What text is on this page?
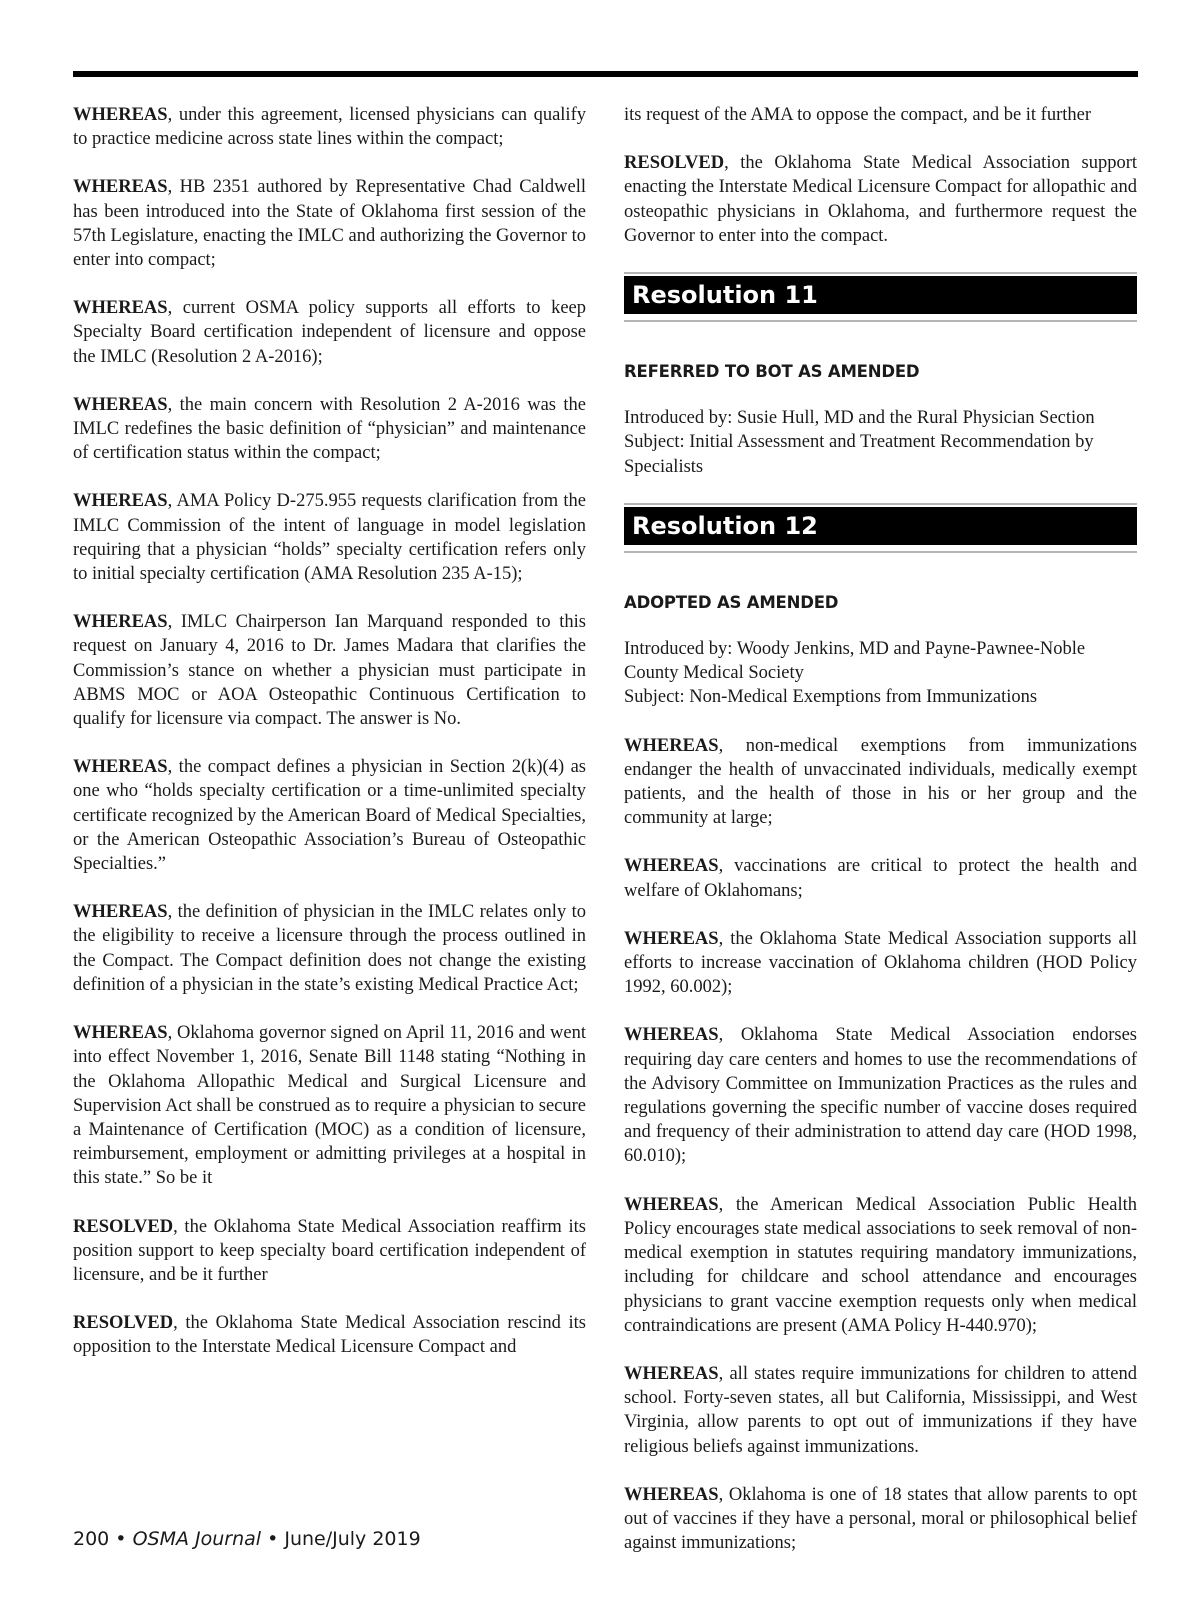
WHEREAS, under this agreement, licensed physicians can qualify to practice medicine across state lines within the compact;

WHEREAS, HB 2351 authored by Representative Chad Caldwell has been introduced into the State of Oklahoma first session of the 57th Legislature, enacting the IMLC and authorizing the Governor to enter into compact;

WHEREAS, current OSMA policy supports all efforts to keep Specialty Board certification independent of licensure and oppose the IMLC (Resolution 2 A-2016);

WHEREAS, the main concern with Resolution 2 A-2016 was the IMLC redefines the basic definition of “physician” and maintenance of certification status within the compact;

WHEREAS, AMA Policy D-275.955 requests clarification from the IMLC Commission of the intent of language in model legislation requiring that a physician “holds” specialty certification refers only to initial specialty certification (AMA Resolution 235 A-15);

WHEREAS, IMLC Chairperson Ian Marquand responded to this request on January 4, 2016 to Dr. James Madara that clarifies the Commission’s stance on whether a physician must participate in ABMS MOC or AOA Osteopathic Continuous Certification to qualify for licensure via compact. The answer is No.

WHEREAS, the compact defines a physician in Section 2(k)(4) as one who “holds specialty certification or a time-unlimited specialty certificate recognized by the American Board of Medical Specialties, or the American Osteopathic Association’s Bureau of Osteopathic Specialties.”

WHEREAS, the definition of physician in the IMLC relates only to the eligibility to receive a licensure through the process outlined in the Compact. The Compact definition does not change the existing definition of a physician in the state’s existing Medical Practice Act;

WHEREAS, Oklahoma governor signed on April 11, 2016 and went into effect November 1, 2016, Senate Bill 1148 stating “Nothing in the Oklahoma Allopathic Medical and Surgical Licensure and Supervision Act shall be construed as to require a physician to secure a Maintenance of Certification (MOC) as a condition of licensure, reimbursement, employment or admitting privileges at a hospital in this state.” So be it

RESOLVED, the Oklahoma State Medical Association reaffirm its position support to keep specialty board certification independent of licensure, and be it further

RESOLVED, the Oklahoma State Medical Association rescind its opposition to the Interstate Medical Licensure Compact and

its request of the AMA to oppose the compact, and be it further

RESOLVED, the Oklahoma State Medical Association support enacting the Interstate Medical Licensure Compact for allopathic and osteopathic physicians in Oklahoma, and furthermore request the Governor to enter into the compact.

Resolution 11
REFERRED TO BOT AS AMENDED
Introduced by: Susie Hull, MD and the Rural Physician Section
Subject: Initial Assessment and Treatment Recommendation by Specialists
Resolution 12
ADOPTED AS AMENDED
Introduced by: Woody Jenkins, MD and Payne-Pawnee-Noble County Medical Society
Subject: Non-Medical Exemptions from Immunizations

WHEREAS, non-medical exemptions from immunizations endanger the health of unvaccinated individuals, medically exempt patients, and the health of those in his or her group and the community at large;

WHEREAS, vaccinations are critical to protect the health and welfare of Oklahomans;

WHEREAS, the Oklahoma State Medical Association supports all efforts to increase vaccination of Oklahoma children (HOD Policy 1992, 60.002);

WHEREAS, Oklahoma State Medical Association endorses requiring day care centers and homes to use the recommendations of the Advisory Committee on Immunization Practices as the rules and regulations governing the specific number of vaccine doses required and frequency of their administration to attend day care (HOD 1998, 60.010);

WHEREAS, the American Medical Association Public Health Policy encourages state medical associations to seek removal of non-medical exemption in statutes requiring mandatory immunizations, including for childcare and school attendance and encourages physicians to grant vaccine exemption requests only when medical contraindications are present (AMA Policy H-440.970);

WHEREAS, all states require immunizations for children to attend school. Forty-seven states, all but California, Mississippi, and West Virginia, allow parents to opt out of immunizations if they have religious beliefs against immunizations.

WHEREAS, Oklahoma is one of 18 states that allow parents to opt out of vaccines if they have a personal, moral or philosophical belief against immunizations;

200 • OSMA Journal • June/July 2019
